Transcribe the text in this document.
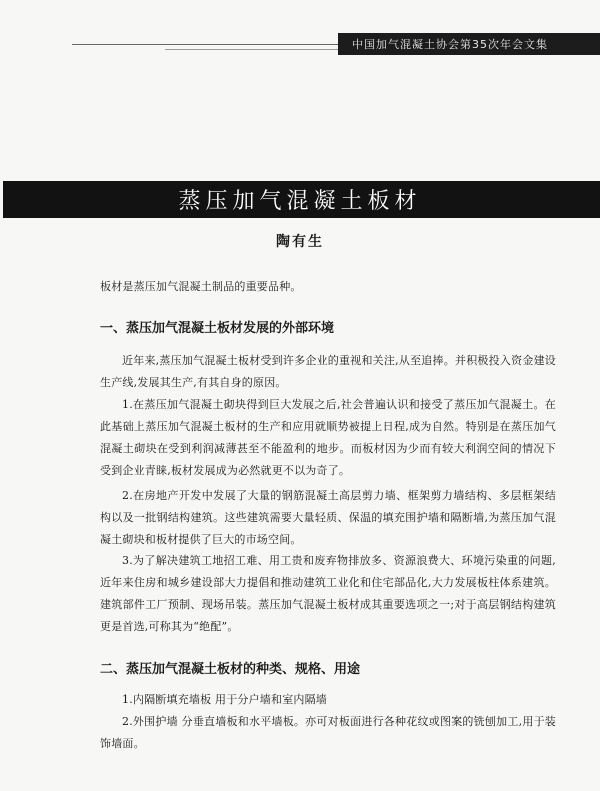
中国加气混凝土协会第35次年会文集
蒸压加气混凝土板材
陶有生

板材是蒸压加气混凝土制品的重要品种。

一、蒸压加气混凝土板材发展的外部环境

近年来,蒸压加气混凝土板材受到许多企业的重视和关注,从至追捧。并积极投入资金建设生产线,发展其生产,有其自身的原因。

1.在蒸压加气混凝土砌块得到巨大发展之后,社会普遍认识和接受了蒸压加气混凝土。在此基础上蒸压加气混凝土板材的生产和应用就顺势被提上日程,成为自然。特别是在蒸压加气混凝土砌块在受到利润减薄甚至不能盈利的地步。而板材因为少而有较大利润空间的情况下受到企业青睐,板材发展成为必然就更不以为奇了。

2.在房地产开发中发展了大量的钢筋混凝土高层剪力墙、框架剪力墙结构、多层框架结构以及一批钢结构建筑。这些建筑需要大量轻质、保温的填充围护墙和隔断墙,为蒸压加气混凝土砌块和板材提供了巨大的市场空间。

3.为了解决建筑工地招工难、用工贵和废弃物排放多、资源浪费大、环境污染重的问题,近年来住房和城乡建设部大力提倡和推动建筑工业化和住宅部品化,大力发展板柱体系建筑。建筑部件工厂预制、现场吊装。蒸压加气混凝土板材成其重要选项之一;对于高层钢结构建筑更是首选,可称其为“绝配”。

二、蒸压加气混凝土板材的种类、规格、用途

1.内隔断填充墙板 用于分户墙和室内隔墙

2.外围护墙 分垂直墙板和水平墙板。亦可对板面进行各种花纹或图案的铣刨加工,用于装饰墙面。
